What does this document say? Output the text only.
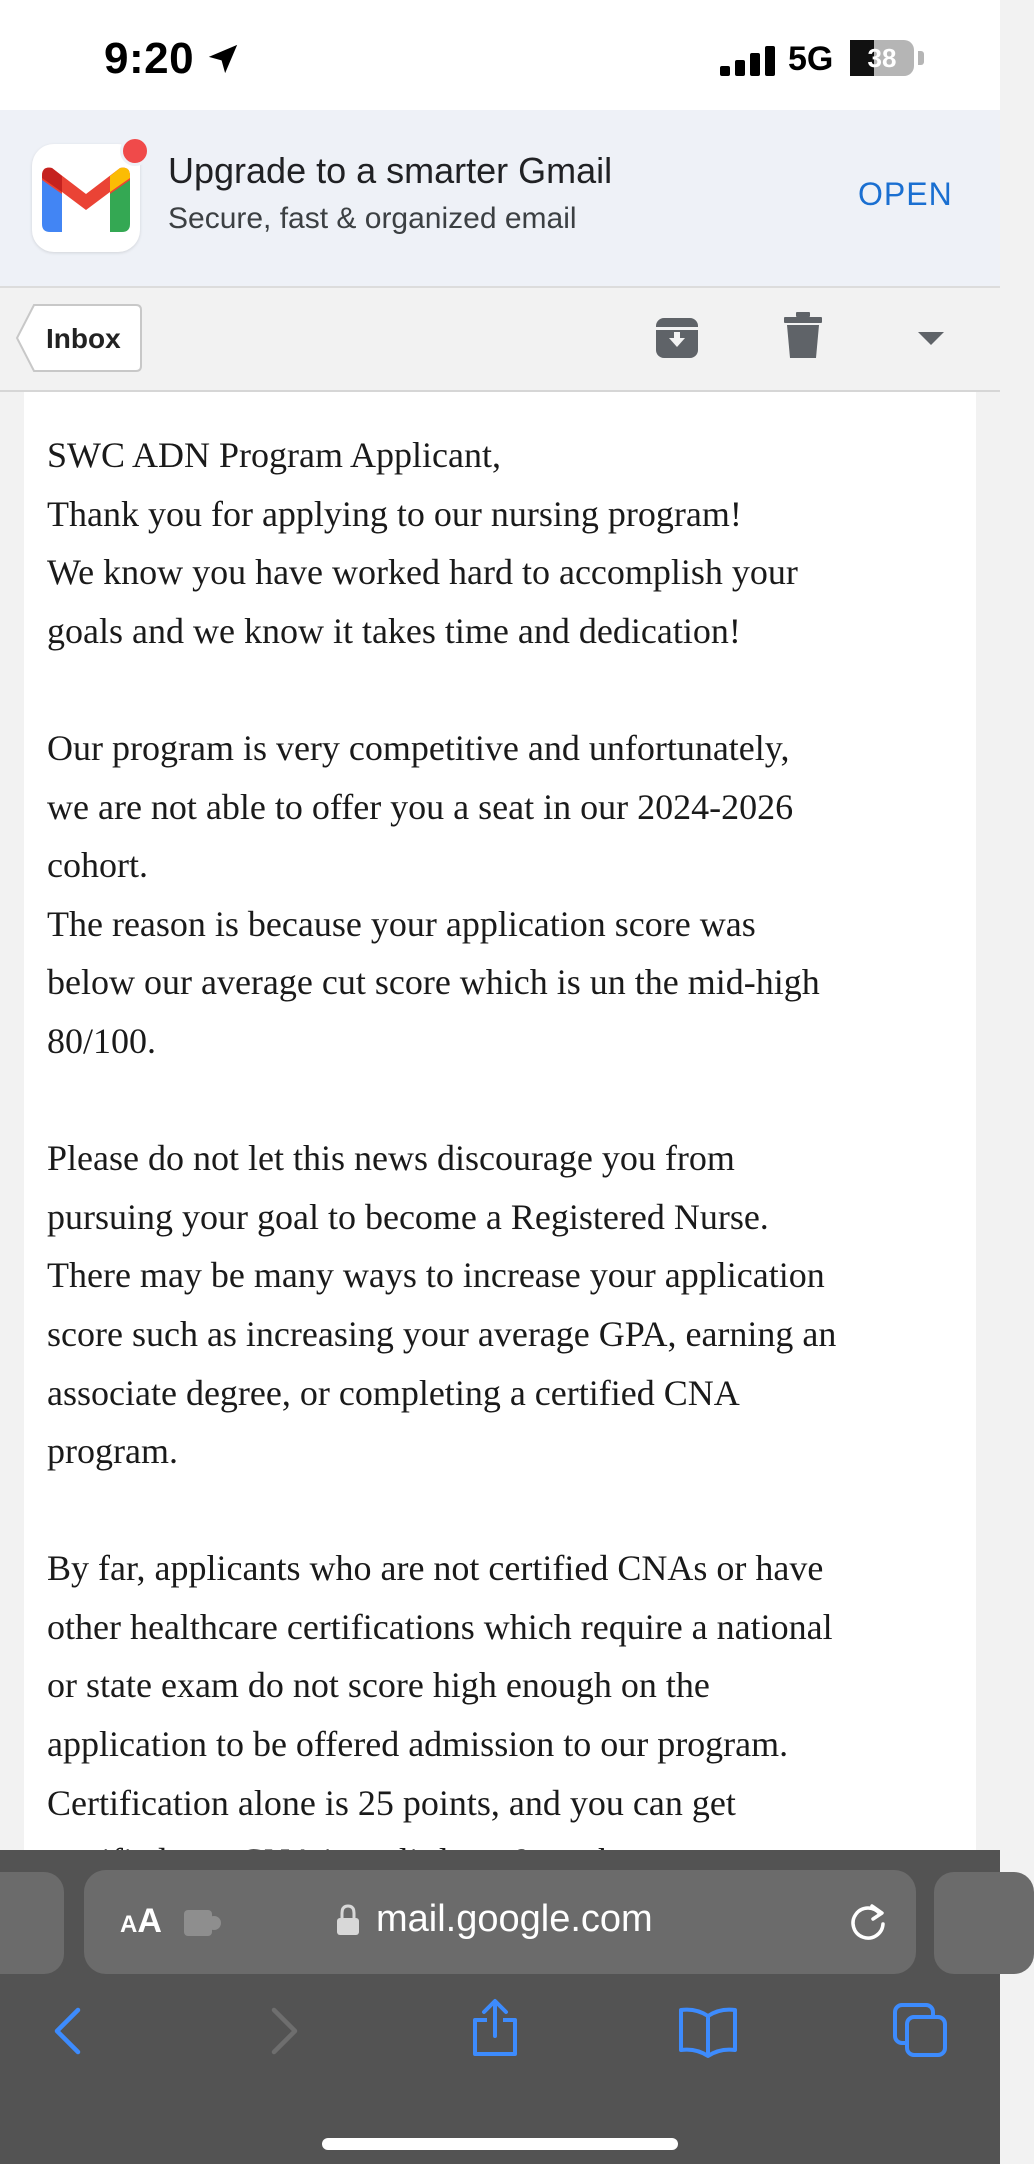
9:20	5G	38
Upgrade to a smarter Gmail
Secure, fast & organized email
OPEN
Inbox

SWC ADN Program Applicant,

Thank you for applying to our nursing program!

We know you have worked hard to accomplish your

goals and we know it takes time and dedication!

Our program is very competitive and unfortunately,

we are not able to offer you a seat in our 2024-2026

cohort.

The reason is because your application score was

below our average cut score which is un the mid-high

80/100.

Please do not let this news discourage you from

pursuing your goal to become a Registered Nurse.

There may be many ways to increase your application

score such as increasing your average GPA, earning an

associate degree, or completing a certified CNA

program.

By far, applicants who are not certified CNAs or have

other healthcare certifications which require a national

or state exam do not score high enough on the

application to be offered admission to our program.

Certification alone is 25 points, and you can get

AA	mail.google.com
